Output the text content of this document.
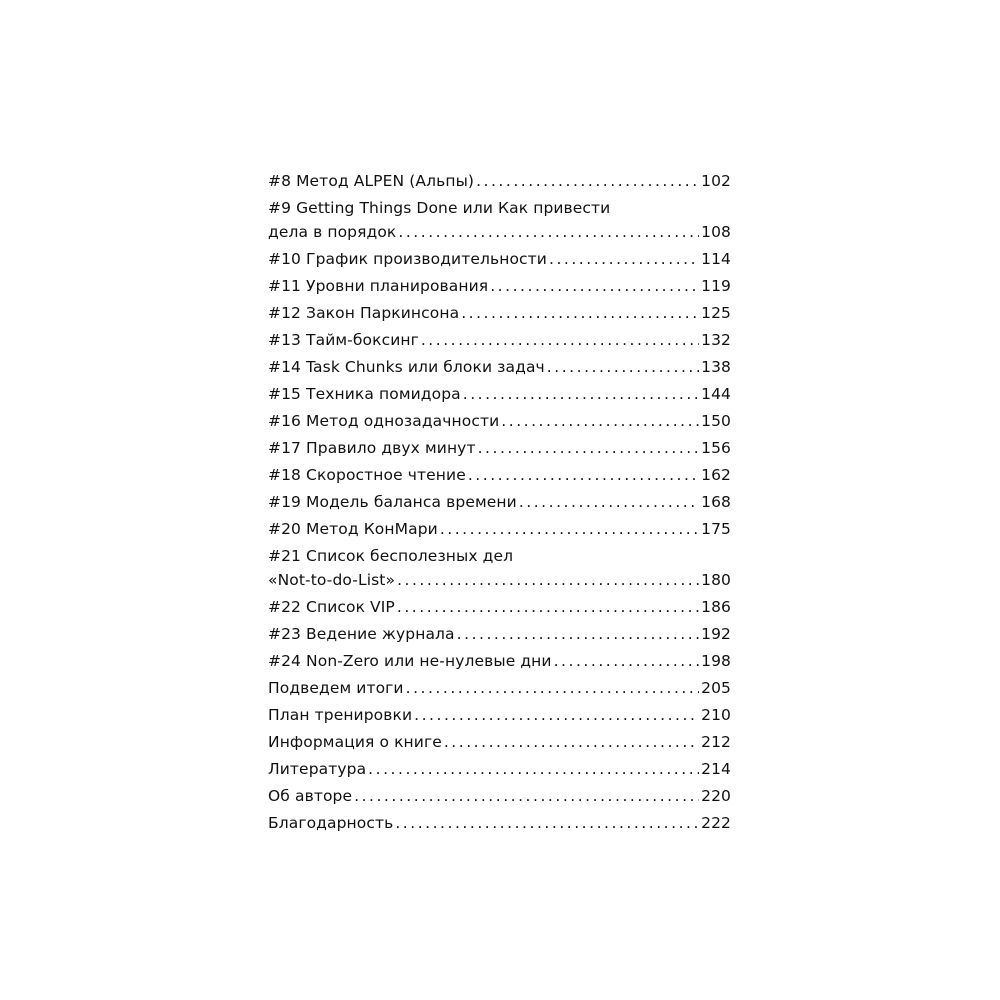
#8 Метод ALPEN (Альпы) . . .	102
#9 Getting Things Done или Как привести
дела в порядок . . .	108
#10 График производительности . . .	114
#11 Уровни планирования . . .	119
#12 Закон Паркинсона . . .	125
#13 Тайм-боксинг . . .	132
#14 Task Chunks или блоки задач . . .	138
#15 Техника помидора . . .	144
#16 Метод однозадачности . . .	150
#17 Правило двух минут . . .	156
#18 Скоростное чтение . . .	162
#19 Модель баланса времени . . .	168
#20 Метод КонМари . . .	175
#21 Список бесполезных дел
«Not-to-do-List» . . .	180
#22 Список VIP . . .	186
#23 Ведение журнала . . .	192
#24 Non-Zero или не-нулевые дни . . .	198
Подведем итоги . . .	205
План тренировки . . .	210
Информация о книге . . .	212
Литература . . .	214
Об авторе . . .	220
Благодарность . . .	222
